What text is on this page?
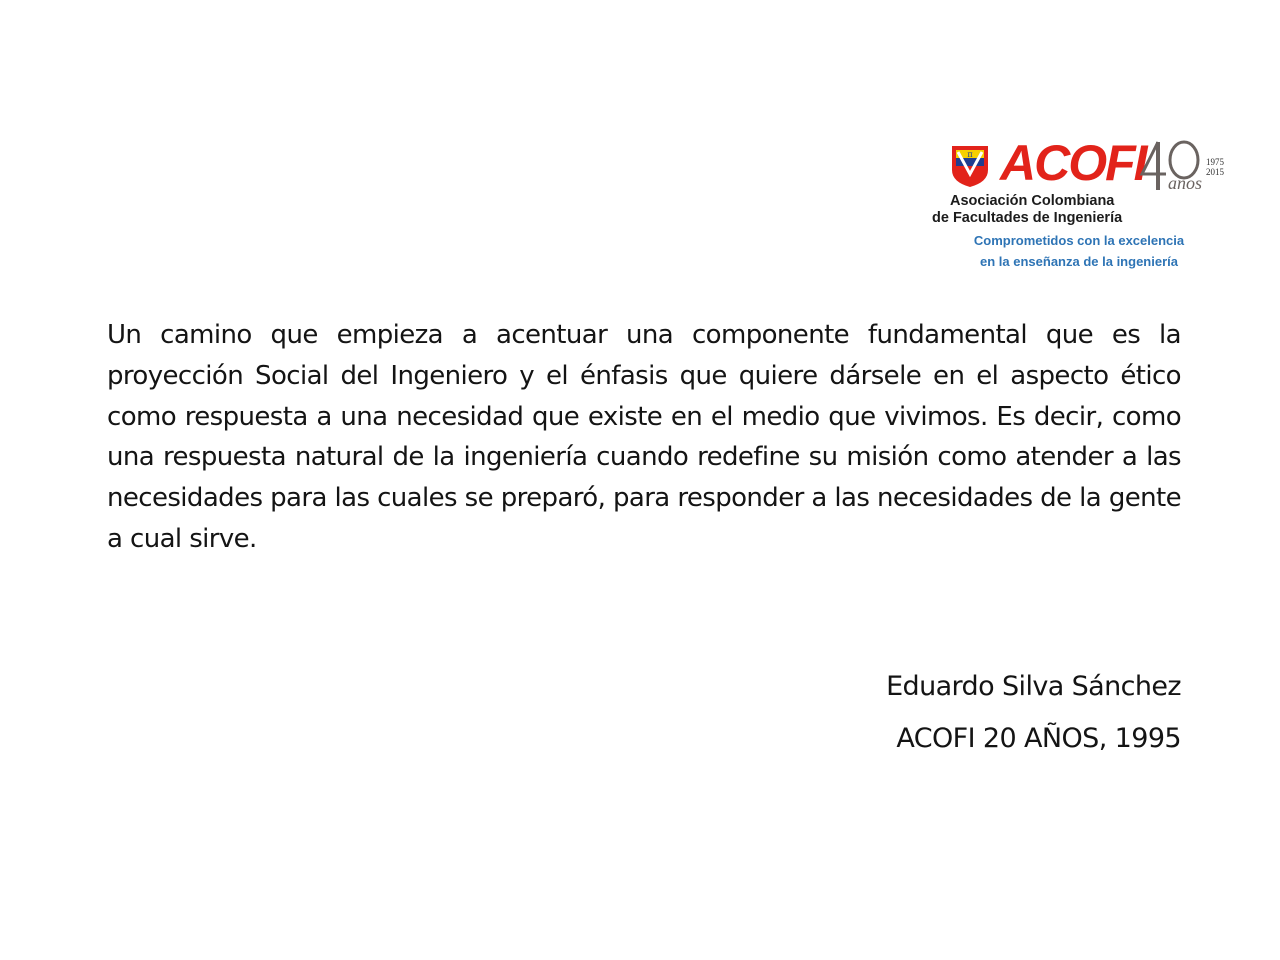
π ACOFI	1975
2015
años
Asociación Colombiana
de Facultades de Ingeniería
Comprometidos con la excelencia
en la enseñanza de la ingeniería

Un camino que empieza a acentuar una componente fundamental que es la proyección Social del Ingeniero y el énfasis que quiere dársele en el aspecto ético como respuesta a una necesidad que existe en el medio que vivimos. Es decir, como una respuesta natural de la ingeniería cuando redefine su misión como atender a las necesidades para las cuales se preparó, para responder a las necesidades de la gente a cual sirve.

Eduardo Silva Sánchez
ACOFI 20 AÑOS, 1995
